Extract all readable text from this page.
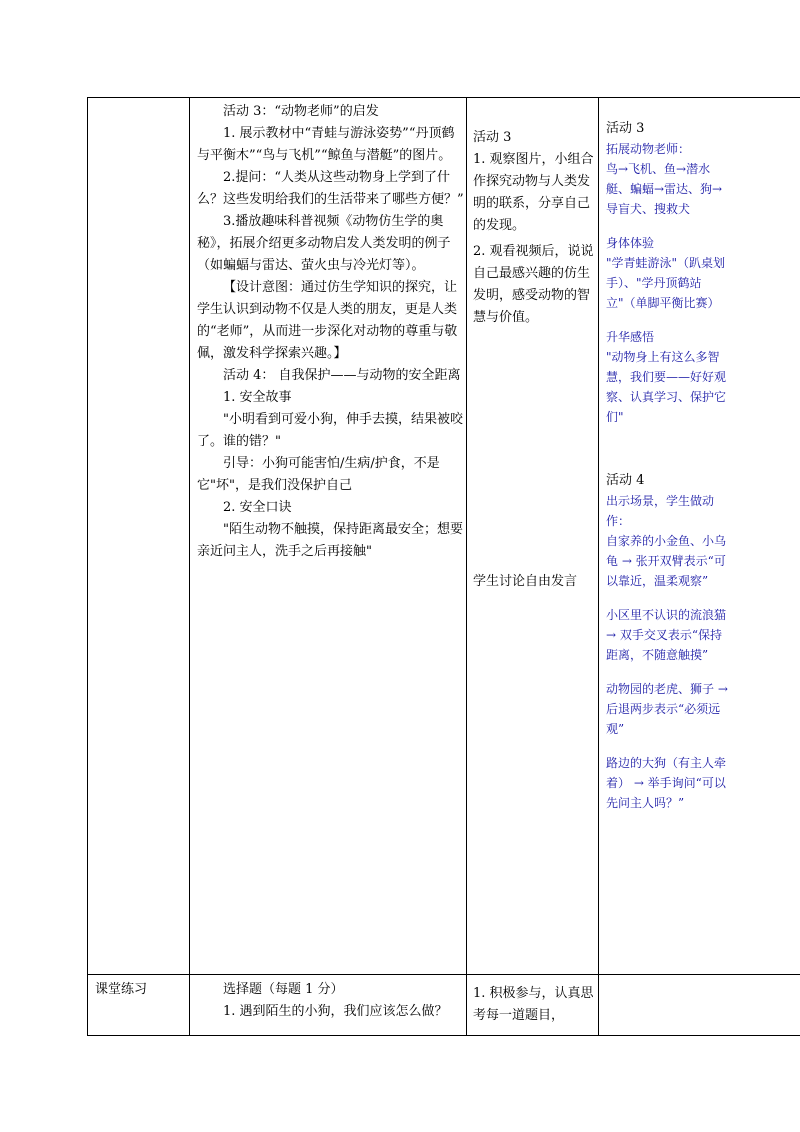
活动 3：“动物老师”的启发

1. 展示教材中“青蛙与游泳姿势”“丹顶鹤与平衡木”“鸟与飞机”“鲸鱼与潜艇”的图片。

2.提问：“人类从这些动物身上学到了什么？这些发明给我们的生活带来了哪些方便？”

3.播放趣味科普视频《动物仿生学的奥秘》，拓展介绍更多动物启发人类发明的例子（如蝙蝠与雷达、萤火虫与冷光灯等）。

【设计意图：通过仿生学知识的探究，让学生认识到动物不仅是人类的朋友，更是人类的“老师”，从而进一步深化对动物的尊重与敬佩，激发科学探索兴趣。】

活动 4： 自我保护——与动物的安全距离

1. 安全故事

"小明看到可爱小狗，伸手去摸，结果被咬了。谁的错？"

引导：小狗可能害怕/生病/护食，不是它"坏"，是我们没保护自己

2. 安全口诀

"陌生动物不触摸，保持距离最安全；想要亲近问主人，洗手之后再接触"

活动 3

1. 观察图片，小组合作探究动物与人类发明的联系，分享自己的发现。

2. 观看视频后，说说自己最感兴趣的仿生发明，感受动物的智慧与价值。

学生讨论自由发言

活动 3

拓展动物老师：

鸟→飞机、鱼→潜水艇、蝙蝠→雷达、狗→导盲犬、搜救犬

身体体验

"学青蛙游泳"（趴桌划手）、"学丹顶鹤站立"（单脚平衡比赛）

升华感悟

"动物身上有这么多智慧，我们要——好好观察、认真学习、保护它们"

活动 4

出示场景，学生做动作：

自家养的小金鱼、小乌龟 → 张开双臂表示“可以靠近，温柔观察”

小区里不认识的流浪猫 → 双手交叉表示“保持距离，不随意触摸”

动物园的老虎、狮子 → 后退两步表示“必须远观”

路边的大狗（有主人牵着） → 举手询问“可以先问主人吗？”

课堂练习	选择题（每题 1 分）

1. 遇到陌生的小狗，我们应该怎么做？

1. 积极参与，认真思考每一道题目，
